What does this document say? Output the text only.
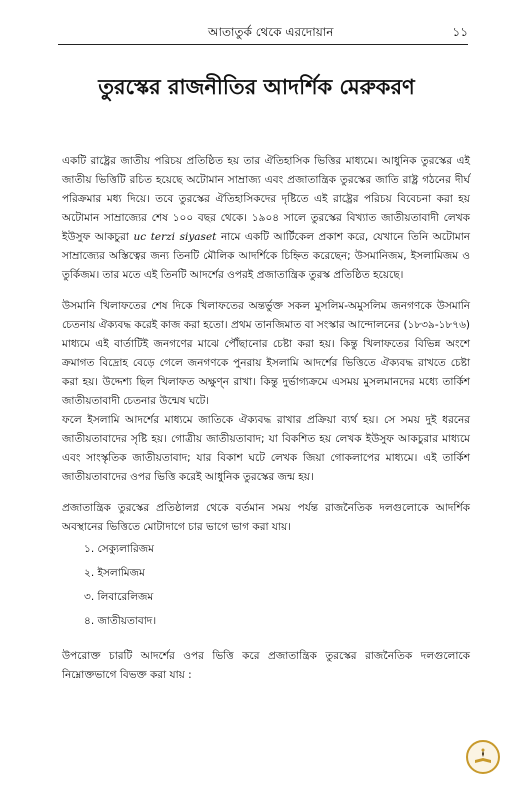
আতাতুর্ক থেকে এরদোয়ান	১১
তুরস্কের রাজনীতির আদর্শিক মেরুকরণ

একটি রাষ্ট্রের জাতীয় পরিচয় প্রতিষ্ঠিত হয় তার ঐতিহাসিক ভিত্তির মাধ্যমে। আধুনিক তুরস্কের এই জাতীয় ভিত্তিটি রচিত হয়েছে অটোমান সাম্রাজ্য এবং প্রজাতান্ত্রিক তুরস্কের জাতি রাষ্ট্র গঠনের দীর্ঘ পরিক্রমার মধ্য দিয়ে। তবে তুরস্কের ঐতিহাসিকদের দৃষ্টিতে এই রাষ্ট্রের পরিচয় বিবেচনা করা হয় অটোমান সাম্রাজ্যের শেষ ১০০ বছর থেকে। ১৯০৪ সালে তুরস্কের বিখ্যাত জাতীয়তাবাদী লেখক ইউসুফ আকচুরা uc terzi siyaset নামে একটি আর্টিকেল প্রকাশ করে, যেখানে তিনি অটোমান সাম্রাজ্যের অস্তিত্বের জন্য তিনটি মৌলিক আদর্শিকে চিহ্নিত করেছেন; উসমানিজম, ইসলামিজম ও তুর্কিজম। তার মতে এই তিনটি আদর্শের ওপরই প্রজাতান্ত্রিক তুরস্ক প্রতিষ্ঠিত হয়েছে।

উসমানি খিলাফতের শেষ দিকে খিলাফতের অন্তর্ভুক্ত সকল মুসলিম-অমুসলিম জনগণকে উসমানি চেতনায় ঐক্যবদ্ধ করেই কাজ করা হতো। প্রথম তানজিমাত বা সংস্কার আন্দোলনের (১৮৩৯-১৮৭৬) মাধ্যমে এই বার্তাটিই জনগণের মাঝে পৌঁছানোর চেষ্টা করা হয়। কিন্তু খিলাফতের বিভিন্ন অংশে ক্রমাগত বিদ্রোহ বেড়ে গেলে জনগণকে পুনরায় ইসলামি আদর্শের ভিত্তিতে ঐক্যবদ্ধ রাখতে চেষ্টা করা হয়। উদ্দেশ্য ছিল খিলাফত অক্ষুণ্ন রাখা। কিন্তু দুর্ভাগ্যক্রমে এসময় মুসলমানদের মধ্যে তার্কিশ জাতীয়তাবাদী চেতনার উন্মেষ ঘটে।

ফলে ইসলামি আদর্শের মাধ্যমে জাতিকে ঐক্যবদ্ধ রাখার প্রক্রিয়া ব্যর্থ হয়। সে সময় দুই ধরনের জাতীয়তাবাদের সৃষ্টি হয়। গোত্রীয় জাতীয়তাবাদ; যা বিকশিত হয় লেখক ইউসুফ আকচুরার মাধ্যমে এবং সাংস্কৃতিক জাতীয়তাবাদ; যার বিকাশ ঘটে লেখক জিয়া গোকলাপের মাধ্যমে। এই তার্কিশ জাতীয়তাবাদের ওপর ভিত্তি করেই আধুনিক তুরস্কের জন্ম হয়।

প্রজাতান্ত্রিক তুরস্কের প্রতিষ্ঠালগ্ন থেকে বর্তমান সময় পর্যন্ত রাজনৈতিক দলগুলোকে আদর্শিক অবস্থানের ভিত্তিতে মোটাদাগে চার ভাগে ভাগ করা যায়।

১. সেক্যুলারিজম
২. ইসলামিজম
৩. লিবারেলিজম
৪. জাতীয়তাবাদ।

উপরোক্ত চারটি আদর্শের ওপর ভিত্তি করে প্রজাতান্ত্রিক তুরস্কের রাজনৈতিক দলগুলোকে নিম্নোক্তভাগে বিভক্ত করা যায় :
